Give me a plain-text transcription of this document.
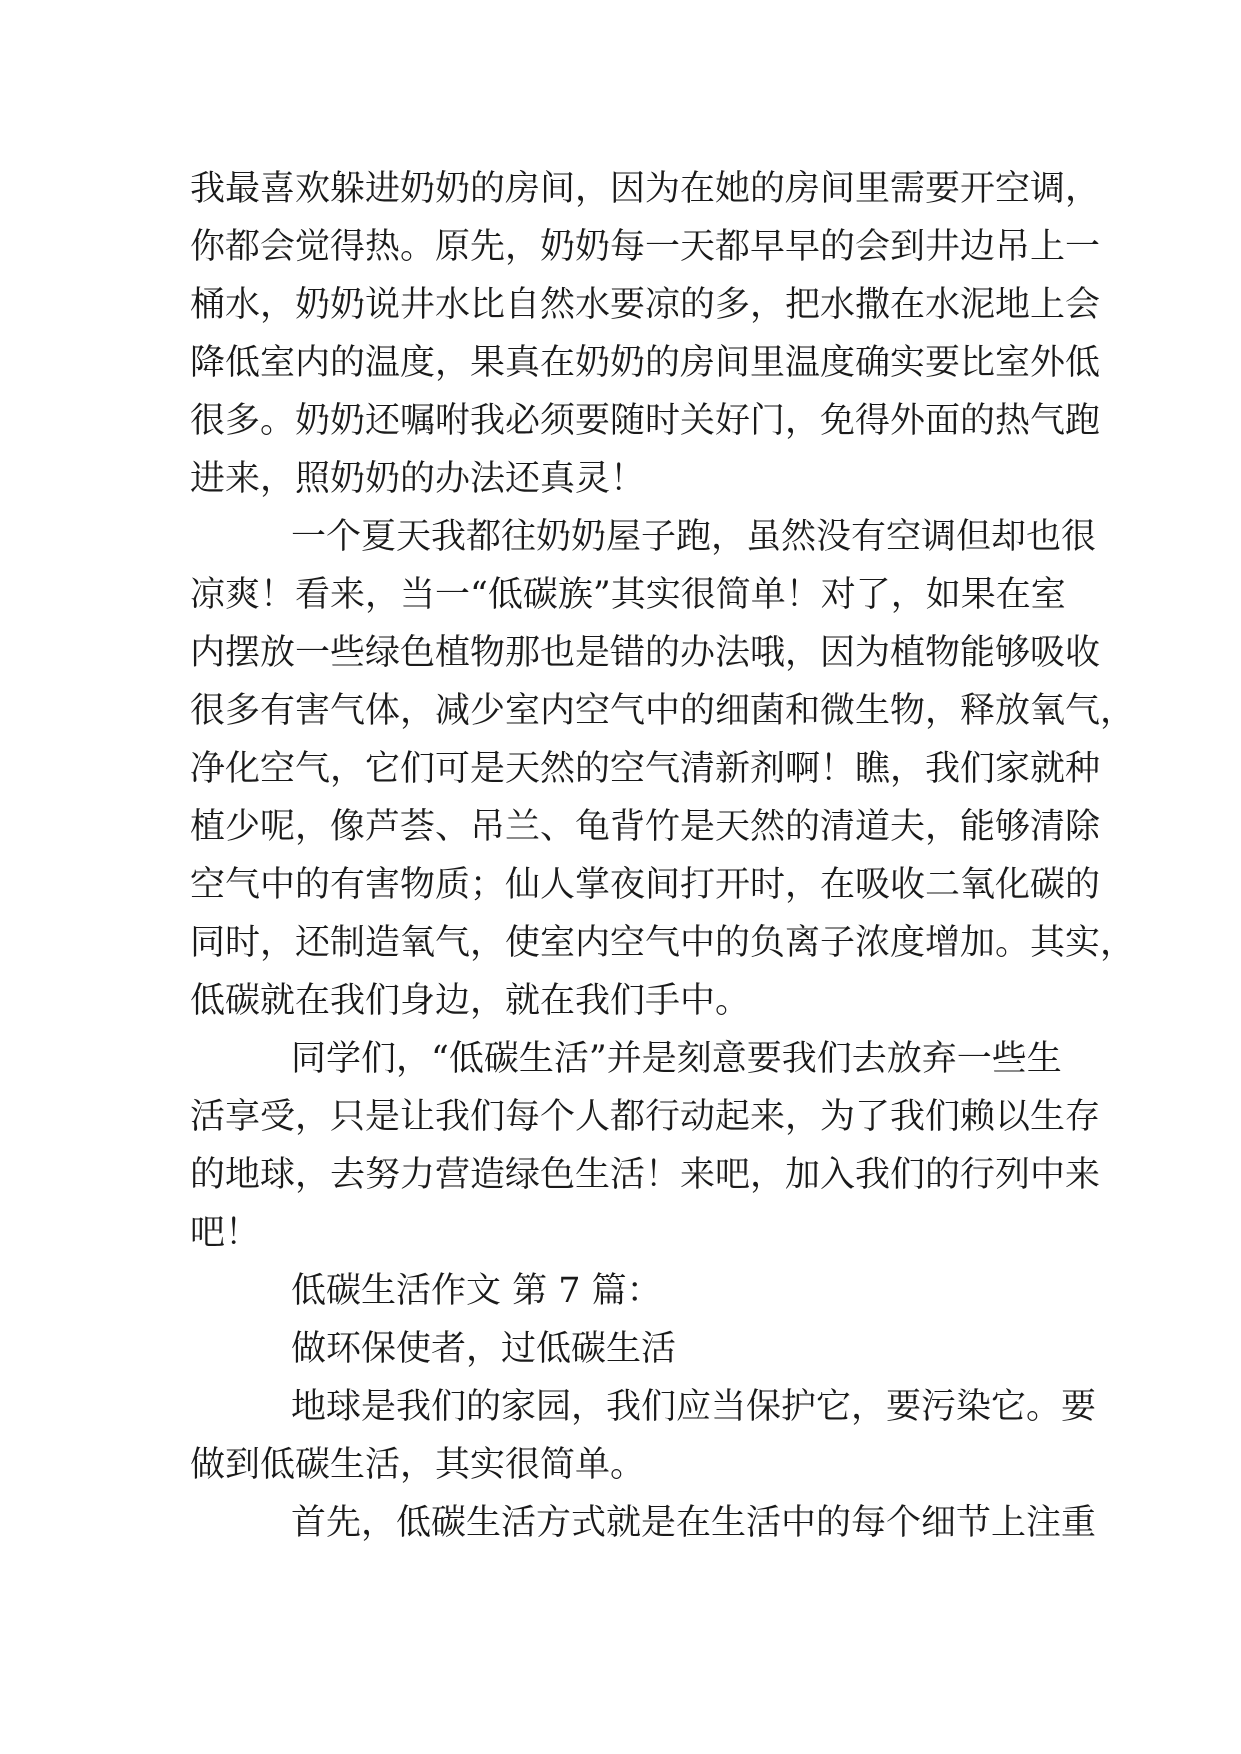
我最喜欢躲进奶奶的房间，因为在她的房间里需要开空调，
你都会觉得热。原先，奶奶每一天都早早的会到井边吊上一
桶水，奶奶说井水比自然水要凉的多，把水撒在水泥地上会
降低室内的温度，果真在奶奶的房间里温度确实要比室外低
很多。奶奶还嘱咐我必须要随时关好门，免得外面的热气跑
进来，照奶奶的办法还真灵！
一个夏天我都往奶奶屋子跑，虽然没有空调但却也很
凉爽！看来，当一“低碳族”其实很简单！对了，如果在室
内摆放一些绿色植物那也是错的办法哦，因为植物能够吸收
很多有害气体，减少室内空气中的细菌和微生物，释放氧气，
净化空气，它们可是天然的空气清新剂啊！瞧，我们家就种
植少呢，像芦荟、吊兰、龟背竹是天然的清道夫，能够清除
空气中的有害物质；仙人掌夜间打开时，在吸收二氧化碳的
同时，还制造氧气，使室内空气中的负离子浓度增加。其实，
低碳就在我们身边，就在我们手中。
同学们，“低碳生活”并是刻意要我们去放弃一些生
活享受，只是让我们每个人都行动起来，为了我们赖以生存
的地球，去努力营造绿色生活！来吧，加入我们的行列中来
吧！
低碳生活作文 第 7 篇：
做环保使者，过低碳生活
地球是我们的家园，我们应当保护它，要污染它。要
做到低碳生活，其实很简单。
首先，低碳生活方式就是在生活中的每个细节上注重
